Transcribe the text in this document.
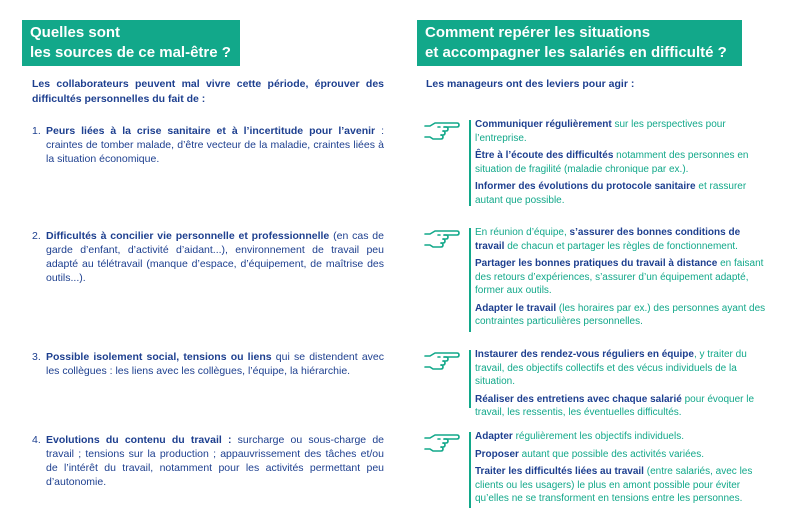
Quelles sont
les sources de ce mal-être ?
Les collaborateurs peuvent mal vivre cette période, éprouver des difficultés personnelles du fait de :
1. Peurs liées à la crise sanitaire et à l’incertitude pour l’avenir : craintes de tomber malade, d’être vecteur de la maladie, craintes liées à la situation économique.
2. Difficultés à concilier vie personnelle et professionnelle (en cas de garde d’enfant, d’activité d’aidant...), environnement de travail peu adapté au télétravail (manque d’espace, d’équipement, de maîtrise des outils...).
3. Possible isolement social, tensions ou liens qui se distendent avec les collègues : les liens avec les collègues, l’équipe, la hiérarchie.
4. Evolutions du contenu du travail : surcharge ou sous-charge de travail ; tensions sur la production ; appauvrissement des tâches et/ou de l’intérêt du travail, notamment pour les activités permettant peu d’autonomie.
Comment repérer les situations
et accompagner les salariés en difficulté ?
Les manageurs ont des leviers pour agir :

Communiquer régulièrement sur les perspectives pour l’entreprise.

Être à l’écoute des difficultés notamment des personnes en situation de fragilité (maladie chronique par ex.).

Informer des évolutions du protocole sanitaire et rassurer autant que possible.

En réunion d’équipe, s’assurer des bonnes conditions de travail de chacun et partager les règles de fonctionnement.

Partager les bonnes pratiques du travail à distance en faisant des retours d’expériences, s’assurer d’un équipement adapté, former aux outils.

Adapter le travail (les horaires par ex.) des personnes ayant des contraintes particulières personnelles.

Instaurer des rendez-vous réguliers en équipe, y traiter du travail, des objectifs collectifs et des vécus individuels de la situation.

Réaliser des entretiens avec chaque salarié pour évoquer le travail, les ressentis, les éventuelles difficultés.

Adapter régulièrement les objectifs individuels.

Proposer autant que possible des activités variées.

Traiter les difficultés liées au travail (entre salariés, avec les clients ou les usagers) le plus en amont possible pour éviter qu’elles ne se transforment en tensions entre les personnes.
